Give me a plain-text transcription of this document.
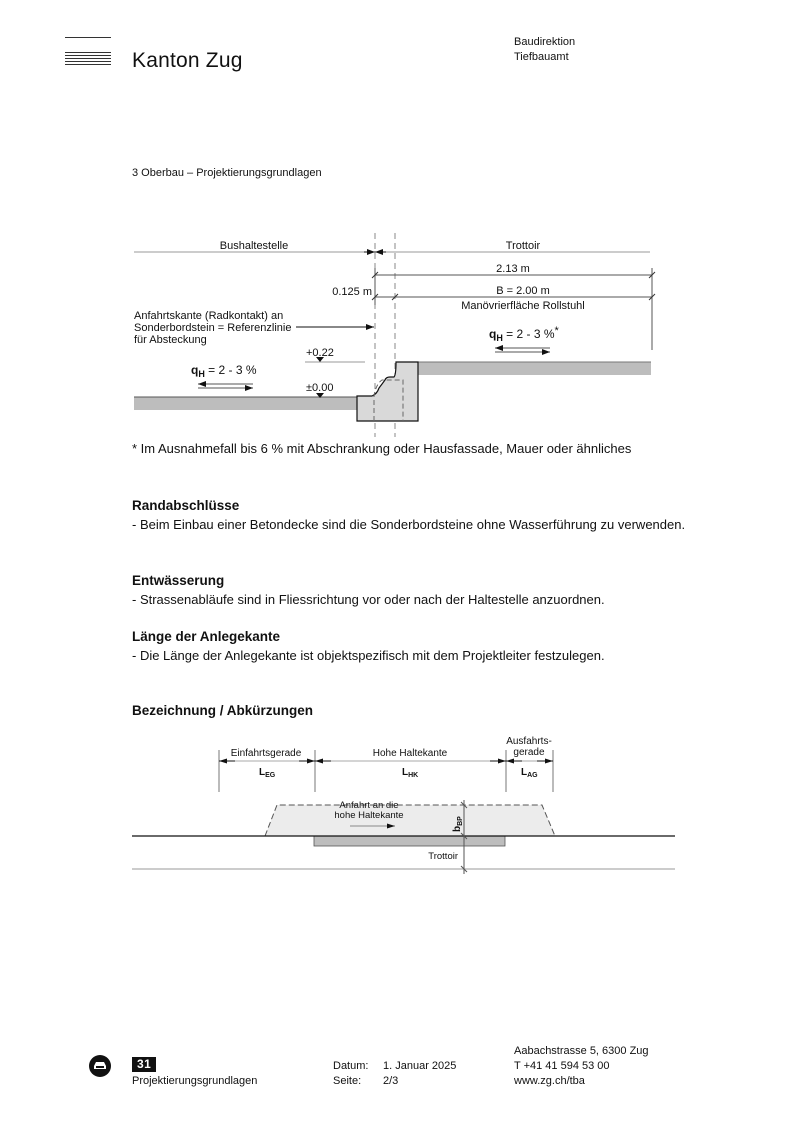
Kanton Zug
Baudirektion
Tiefbauamt
3 Oberbau – Projektierungsgrundlagen
Bushaltestelle	Trottoir
2.13 m
0.125 m	B = 2.00 m
Manövrierfläche Rollstuhl
Anfahrtskante (Radkontakt) an
Sonderbordstein = Referenzlinie
für Absteckung
+0.22
±0.00
$q_H = 2 - 3$ %
$q_H = 2 - 3$ %*
* Im Ausnahmefall bis 6 % mit Abschrankung oder Hausfassade, Mauer oder ähnliches
Randabschlüsse
- Beim Einbau einer Betondecke sind die Sonderbordsteine ohne Wasserführung zu verwenden.
Entwässerung
- Strassenabläufe sind in Fliessrichtung vor oder nach der Haltestelle anzuordnen.
Länge der Anlegekante
- Die Länge der Anlegekante ist objektspezifisch mit dem Projektleiter festzulegen.
Bezeichnung / Abkürzungen
Einfahrtsgerade	Hohe Haltekante
Ausfahrts-
gerade
$L_{EG}$	$L_{HK}$	$L_{AG}$
Anfahrt an die
hohe Haltekante
$b_{BP}$
Trottoir
31
Projektierungsgrundlagen
Datum: 1. Januar 2025
Seite: 2/3
Aabachstrasse 5, 6300 Zug
T +41 41 594 53 00
www.zg.ch/tba
